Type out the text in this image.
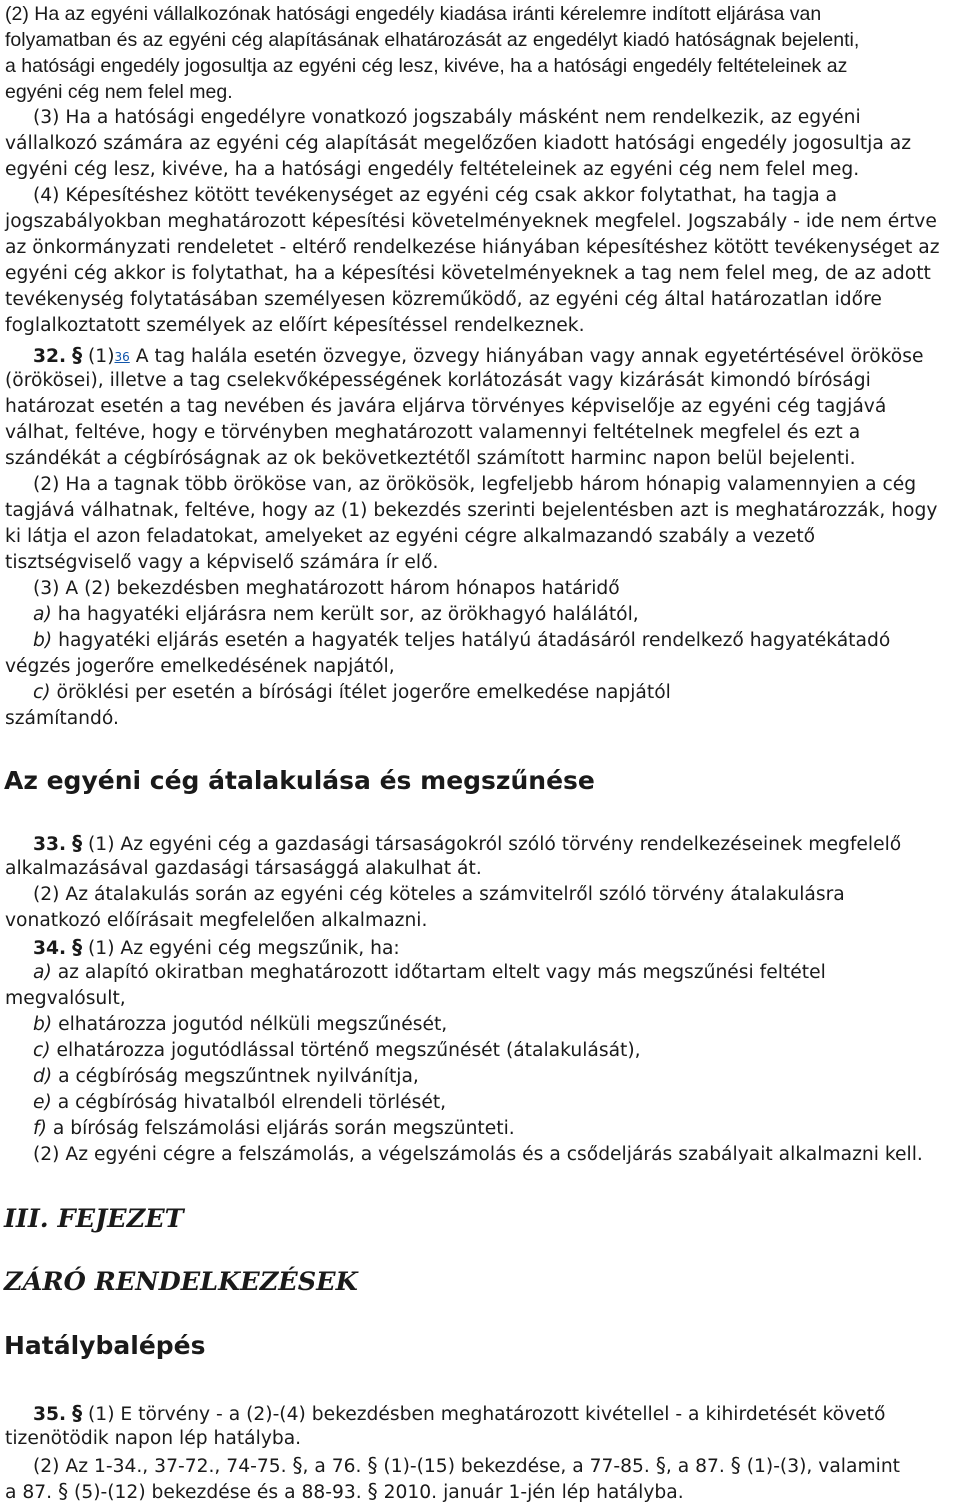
(2) Ha az egyéni vállalkozónak hatósági engedély kiadása iránti kérelemre indított eljárása van
folyamatban és az egyéni cég alapításának elhatározását az engedélyt kiadó hatóságnak bejelenti,
a hatósági engedély jogosultja az egyéni cég lesz, kivéve, ha a hatósági engedély feltételeinek az
egyéni cég nem felel meg.
(3) Ha a hatósági engedélyre vonatkozó jogszabály másként nem rendelkezik, az egyéni
vállalkozó számára az egyéni cég alapítását megelőzően kiadott hatósági engedély jogosultja az
egyéni cég lesz, kivéve, ha a hatósági engedély feltételeinek az egyéni cég nem felel meg.
(4) Képesítéshez kötött tevékenységet az egyéni cég csak akkor folytathat, ha tagja a
jogszabályokban meghatározott képesítési követelményeknek megfelel. Jogszabály - ide nem értve
az önkormányzati rendeletet - eltérő rendelkezése hiányában képesítéshez kötött tevékenységet az
egyéni cég akkor is folytathat, ha a képesítési követelményeknek a tag nem felel meg, de az adott
tevékenység folytatásában személyesen közreműködő, az egyéni cég által határozatlan időre
foglalkoztatott személyek az előírt képesítéssel rendelkeznek.
32. § (1)36 A tag halála esetén özvegye, özvegy hiányában vagy annak egyetértésével örököse
(örökösei), illetve a tag cselekvőképességének korlátozását vagy kizárását kimondó bírósági
határozat esetén a tag nevében és javára eljárva törvényes képviselője az egyéni cég tagjává
válhat, feltéve, hogy e törvényben meghatározott valamennyi feltételnek megfelel és ezt a
szándékát a cégbíróságnak az ok bekövetkeztétől számított harminc napon belül bejelenti.
(2) Ha a tagnak több örököse van, az örökösök, legfeljebb három hónapig valamennyien a cég
tagjává válhatnak, feltéve, hogy az (1) bekezdés szerinti bejelentésben azt is meghatározzák, hogy
ki látja el azon feladatokat, amelyeket az egyéni cégre alkalmazandó szabály a vezető
tisztségviselő vagy a képviselő számára ír elő.
(3) A (2) bekezdésben meghatározott három hónapos határidő
a) ha hagyatéki eljárásra nem került sor, az örökhagyó halálától,
b) hagyatéki eljárás esetén a hagyaték teljes hatályú átadásáról rendelkező hagyatékátadó
végzés jogerőre emelkedésének napjától,
c) öröklési per esetén a bírósági ítélet jogerőre emelkedése napjától
számítandó.
Az egyéni cég átalakulása és megszűnése
33. § (1) Az egyéni cég a gazdasági társaságokról szóló törvény rendelkezéseinek megfelelő
alkalmazásával gazdasági társasággá alakulhat át.
(2) Az átalakulás során az egyéni cég köteles a számvitelről szóló törvény átalakulásra
vonatkozó előírásait megfelelően alkalmazni.
34. § (1) Az egyéni cég megszűnik, ha:
a) az alapító okiratban meghatározott időtartam eltelt vagy más megszűnési feltétel
megvalósult,
b) elhatározza jogutód nélküli megszűnését,
c) elhatározza jogutódlással történő megszűnését (átalakulását),
d) a cégbíróság megszűntnek nyilvánítja,
e) a cégbíróság hivatalból elrendeli törlését,
f) a bíróság felszámolási eljárás során megszünteti.
(2) Az egyéni cégre a felszámolás, a végelszámolás és a csődeljárás szabályait alkalmazni kell.
III. FEJEZET
ZÁRÓ RENDELKEZÉSEK
Hatálybalépés
35. § (1) E törvény - a (2)-(4) bekezdésben meghatározott kivétellel - a kihirdetését követő
tizenötödik napon lép hatályba.
(2) Az 1-34., 37-72., 74-75. §, a 76. § (1)-(15) bekezdése, a 77-85. §, a 87. § (1)-(3), valamint
a 87. § (5)-(12) bekezdése és a 88-93. § 2010. január 1-jén lép hatályba.
